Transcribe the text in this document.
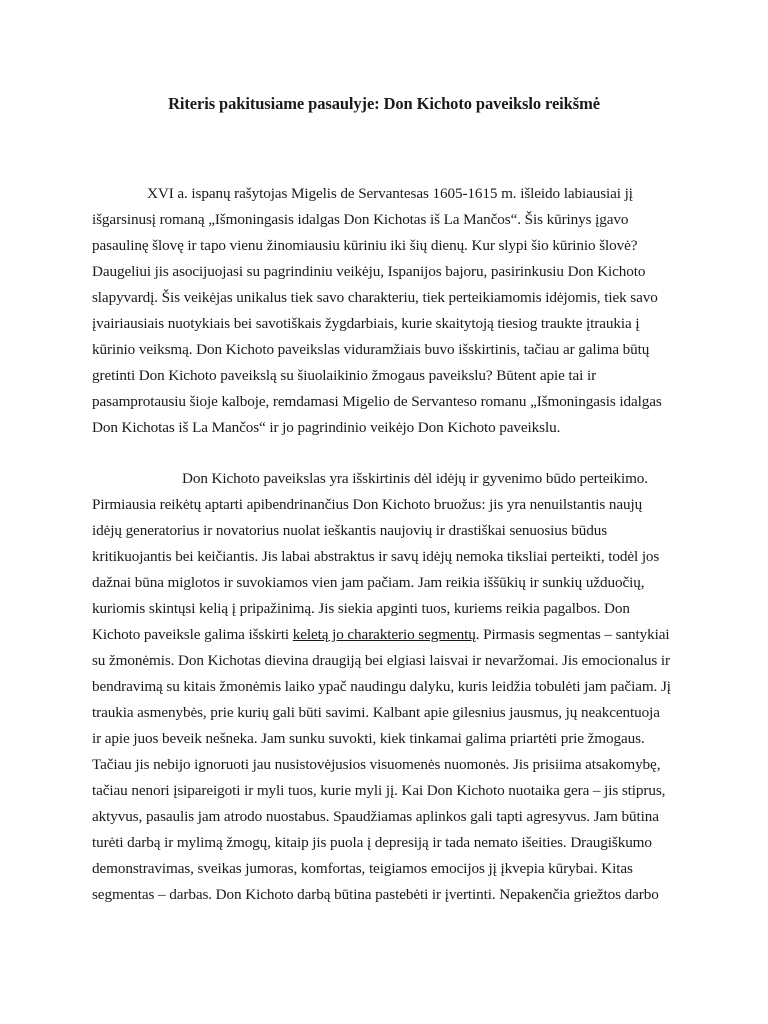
Riteris pakitusiame pasaulyje: Don Kichoto paveikslo reikšmė
XVI a. ispanų rašytojas Migelis de Servantesas 1605-1615 m. išleido labiausiai jį
išgarsinusį romaną „Išmoningasis idalgas Don Kichotas iš La Mančos“. Šis kūrinys įgavo
pasaulinę šlovę ir tapo vienu žinomiausiu kūriniu iki šių dienų. Kur slypi šio kūrinio šlovė?
Daugeliui jis asocijuojasi su pagrindiniu veikėju, Ispanijos bajoru, pasirinkusiu Don Kichoto
slapyvardį. Šis veikėjas unikalus tiek savo charakteriu, tiek perteikiamomis idėjomis, tiek savo
įvairiausiais nuotykiais bei savotiškais žygdarbiais, kurie skaitytoją tiesiog traukte įtraukia į
kūrinio veiksmą. Don Kichoto paveikslas viduramžiais buvo išskirtinis, tačiau ar galima būtų
gretinti Don Kichoto paveikslą su šiuolaikinio žmogaus paveikslu? Būtent apie tai ir
pasamprotausiu šioje kalboje, remdamasi Migelio de Servanteso romanu „Išmoningasis idalgas
Don Kichotas iš La Mančos“ ir jo pagrindinio veikėjo Don Kichoto paveikslu.
Don Kichoto paveikslas yra išskirtinis dėl idėjų ir gyvenimo būdo perteikimo.
Pirmiausia reikėtų aptarti apibendrinančius Don Kichoto bruožus: jis yra nenuilstantis naujų
idėjų generatorius ir novatorius nuolat ieškantis naujovių ir drastiškai senuosius būdus
kritikuojantis bei keičiantis. Jis labai abstraktus ir savų idėjų nemoka tiksliai perteikti, todėl jos
dažnai būna miglotos ir suvokiamos vien jam pačiam. Jam reikia iššūkių ir sunkių užduočių,
kuriomis skintųsi kelią į pripažinimą. Jis siekia apginti tuos, kuriems reikia pagalbos. Don
Kichoto paveiksle galima išskirti keletą jo charakterio segmentų. Pirmasis segmentas – santykiai
su žmonėmis. Don Kichotas dievina draugiją bei elgiasi laisvai ir nevaržomai. Jis emocionalus ir
bendravimą su kitais žmonėmis laiko ypač naudingu dalyku, kuris leidžia tobulėti jam pačiam. Jį
traukia asmenybės, prie kurių gali būti savimi. Kalbant apie gilesnius jausmus, jų neakcentuoja
ir apie juos beveik nešneka. Jam sunku suvokti, kiek tinkamai galima priartėti prie žmogaus.
Tačiau jis nebijo ignoruoti jau nusistovėjusios visuomenės nuomonės. Jis prisiima atsakomybę,
tačiau nenori įsipareigoti ir myli tuos, kurie myli jį. Kai Don Kichoto nuotaika gera – jis stiprus,
aktyvus, pasaulis jam atrodo nuostabus. Spaudžiamas aplinkos gali tapti agresyvus. Jam būtina
turėti darbą ir mylimą žmogų, kitaip jis puola į depresiją ir tada nemato išeities. Draugiškumo
demonstravimas, sveikas jumoras, komfortas, teigiamos emocijos jį įkvepia kūrybai. Kitas
segmentas – darbas. Don Kichoto darbą būtina pastebėti ir įvertinti. Nepakenčia griežtos darbo
